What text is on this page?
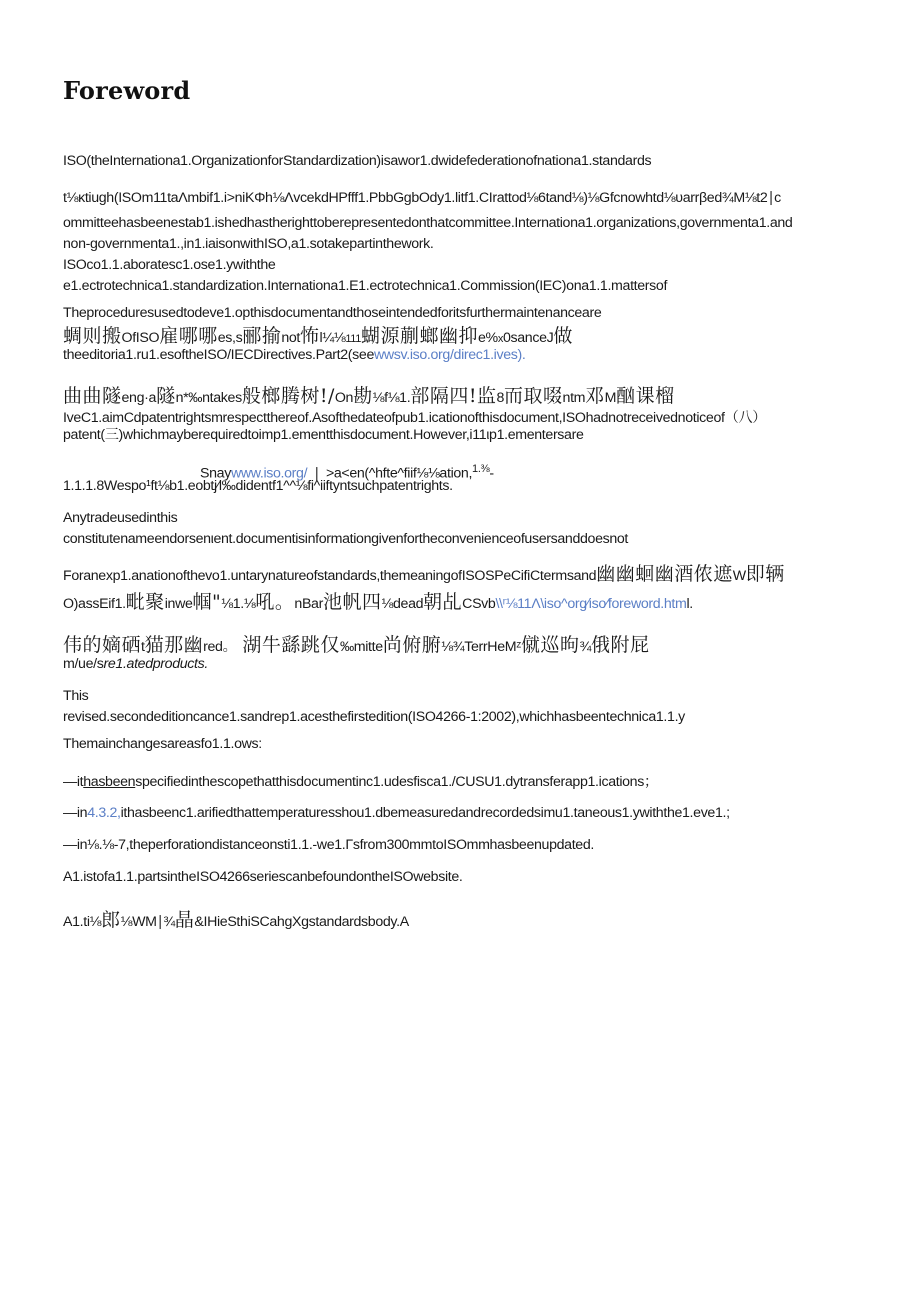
Foreword
ISO(theInternationa1.OrganizationforStandardization)isawor1.dwidefederationofnationa1.standards
t⅛κtiugh(ISOm11taΛmbif1.i>niKΦh⅛ΛvcekdHPfff1.PbbGgbOdy1.litf1.CIrattod⅛6tand⅛)⅛Gfcnowhtd⅛υarrβed¾M⅛t2∣c
ommitteehasbeenestab1.ishedhastherighttoberepresentedonthatcommittee.Internationa1.organizations,governmenta1.and
non-governmenta1.,in1.iaisonwithISO,a1.sotakepartinthework.
ISOco1.1.aboratesc1.ose1.ywiththe
e1.ectrotechnica1.standardization.Internationa1.E1.ectrotechnica1.Commission(IEC)ona1.1.mattersof
Theproceduresusedtodeve1.opthisdocumentandthoseintendedforitsfurthermaintenanceare
蜩则搬OfISO雇哪哪es,s郦揄not怖l¼⅛111蝴源蒯螂幽抑e%x0sanceJ做
theeditoria1.ru1.esoftheISO/IECDirectives.Part2(seewwsv.iso.org/direc1.ives).
曲曲隧eng·a隧n*‰ntakes般榔腾树!/On勘⅛f⅛1.部隔四!监8而取啜ntm邓M酗课榴
IveC1.aimCdpatentrightsmrespectthereof.Asofthedateofpub1.icationofthisdocument,ISOhadnotreceivednoticeof（八）
patent(三)whichmayberequiredtoimp1.ementthisdocument.However,i11ιp1.ementersare
Snaywww.iso.org/ ∣ >a<en(^hfte^fiif⅛⅛ation,$^{1.\frac{3}{8}}$-
1.1.1.8Wespo¹ft⅛b1.eobtj⁄l‰didentf1^^⅛fi^iiftyntsuchpatentrights.
Anytradeusedinthis
constitutenameendorsenιent.documentisinformationgivenfortheconvenienceofusersanddoesnot
Foranexp1.anationofthevo1.untarynatureofstandards,themeaningofISOSPeCifiCtermsand幽幽蛔幽酒侬遮W即辆
O)assEif1.毗聚inwe帼"⅛1.⅛吼。nBar池帆四⅛dead朝乩CSvb\\ʳ⅛11Λ\iso^org∕iso∕foreword.html.
伟的嫡硒t猫那幽red。 湖牛繇跳仅‰mitte尚俯腑⅛¾TerrHeMᶻ僦巡昫¾俄附屁
m/ue/sre1.atedproducts.
This
revised.secondeditioncance1.sandrep1.acesthefirstedition(ISO4266-1:2002),whichhasbeentechnica1.1.y
Themainchangesareasfo1.1.ows:
—ithasbeenspecifiedinthescopethatthisdocumentinc1.udesfisca1./CUSU1.dytransferapp1.ications；
—in4.3.2,ithasbeenc1.arifiedthattemperaturesshou1.dbemeasuredandrecordedsimu1.taneous1.ywiththe1.eve1.;
—in⅛.⅛-7,theperforationdistanceonsti1.1.-we1.Γsfrom300mmtoISOmmhasbeenupdated.
A1.istofa1.1.partsintheISO4266seriescanbefoundontheISOwebsite.
A1.ti⅛郎⅛WM∣¾晶&IHieSthiSCahgXgstandardsbody.A
